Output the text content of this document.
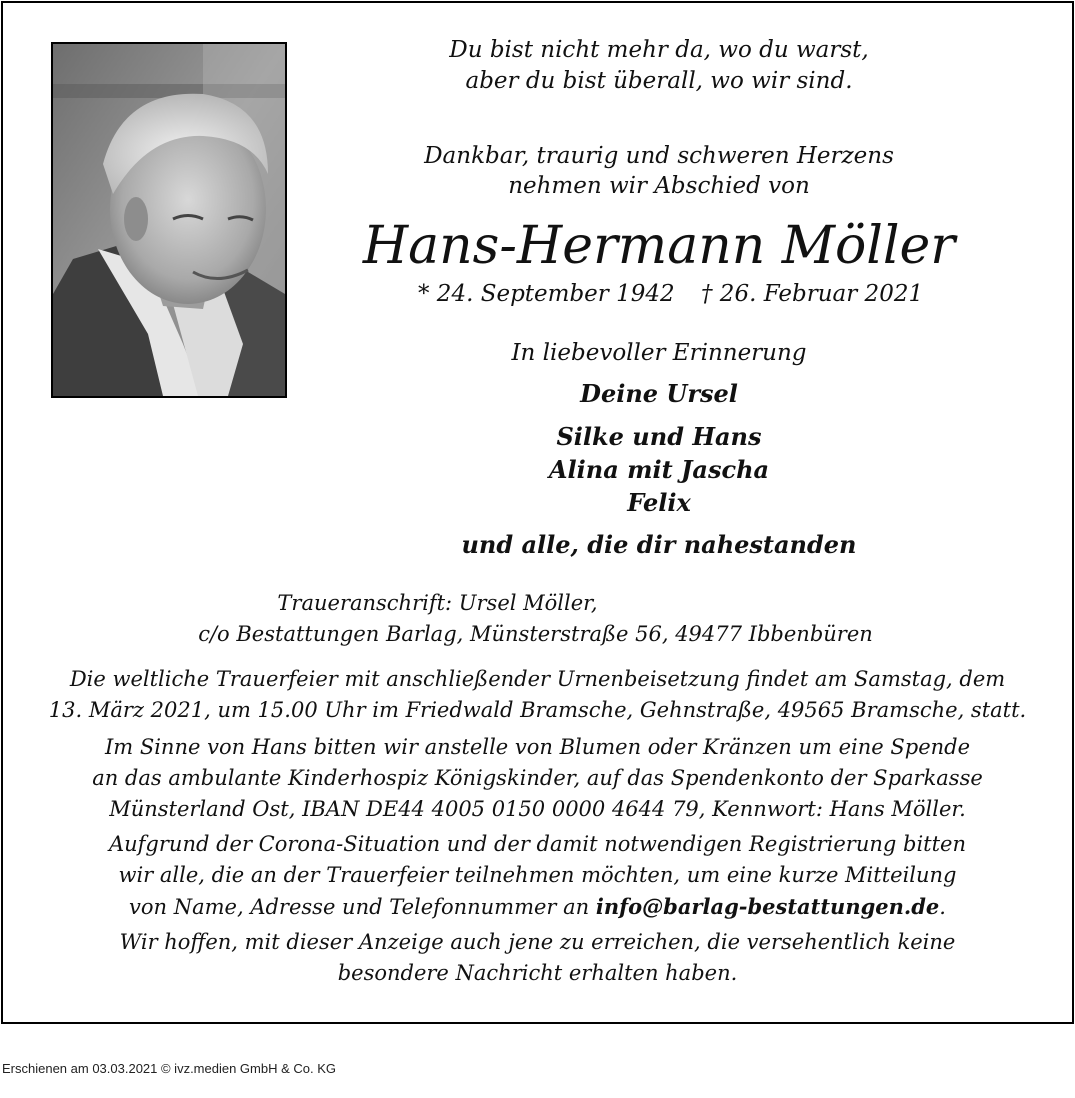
Du bist nicht mehr da, wo du warst,
aber du bist überall, wo wir sind.
Dankbar, traurig und schweren Herzens
nehmen wir Abschied von
Hans-Hermann Möller
* 24. September 1942 † 26. Februar 2021
In liebevoller Erinnerung
Deine Ursel
Silke und Hans
Alina mit Jascha
Felix
und alle, die dir nahestanden
Traueranschrift: Ursel Möller,
c/o Bestattungen Barlag, Münsterstraße 56, 49477 Ibbenbüren
Die weltliche Trauerfeier mit anschließender Urnenbeisetzung findet am Samstag, dem
13. März 2021, um 15.00 Uhr im Friedwald Bramsche, Gehnstraße, 49565 Bramsche, statt.
Im Sinne von Hans bitten wir anstelle von Blumen oder Kränzen um eine Spende
an das ambulante Kinderhospiz Königskinder, auf das Spendenkonto der Sparkasse
Münsterland Ost, IBAN DE44 4005 0150 0000 4644 79, Kennwort: Hans Möller.
Aufgrund der Corona-Situation und der damit notwendigen Registrierung bitten
wir alle, die an der Trauerfeier teilnehmen möchten, um eine kurze Mitteilung
von Name, Adresse und Telefonnummer an info@barlag-bestattungen.de.
Wir hoffen, mit dieser Anzeige auch jene zu erreichen, die versehentlich keine
besondere Nachricht erhalten haben.
Erschienen am 03.03.2021 © ivz.medien GmbH & Co. KG
